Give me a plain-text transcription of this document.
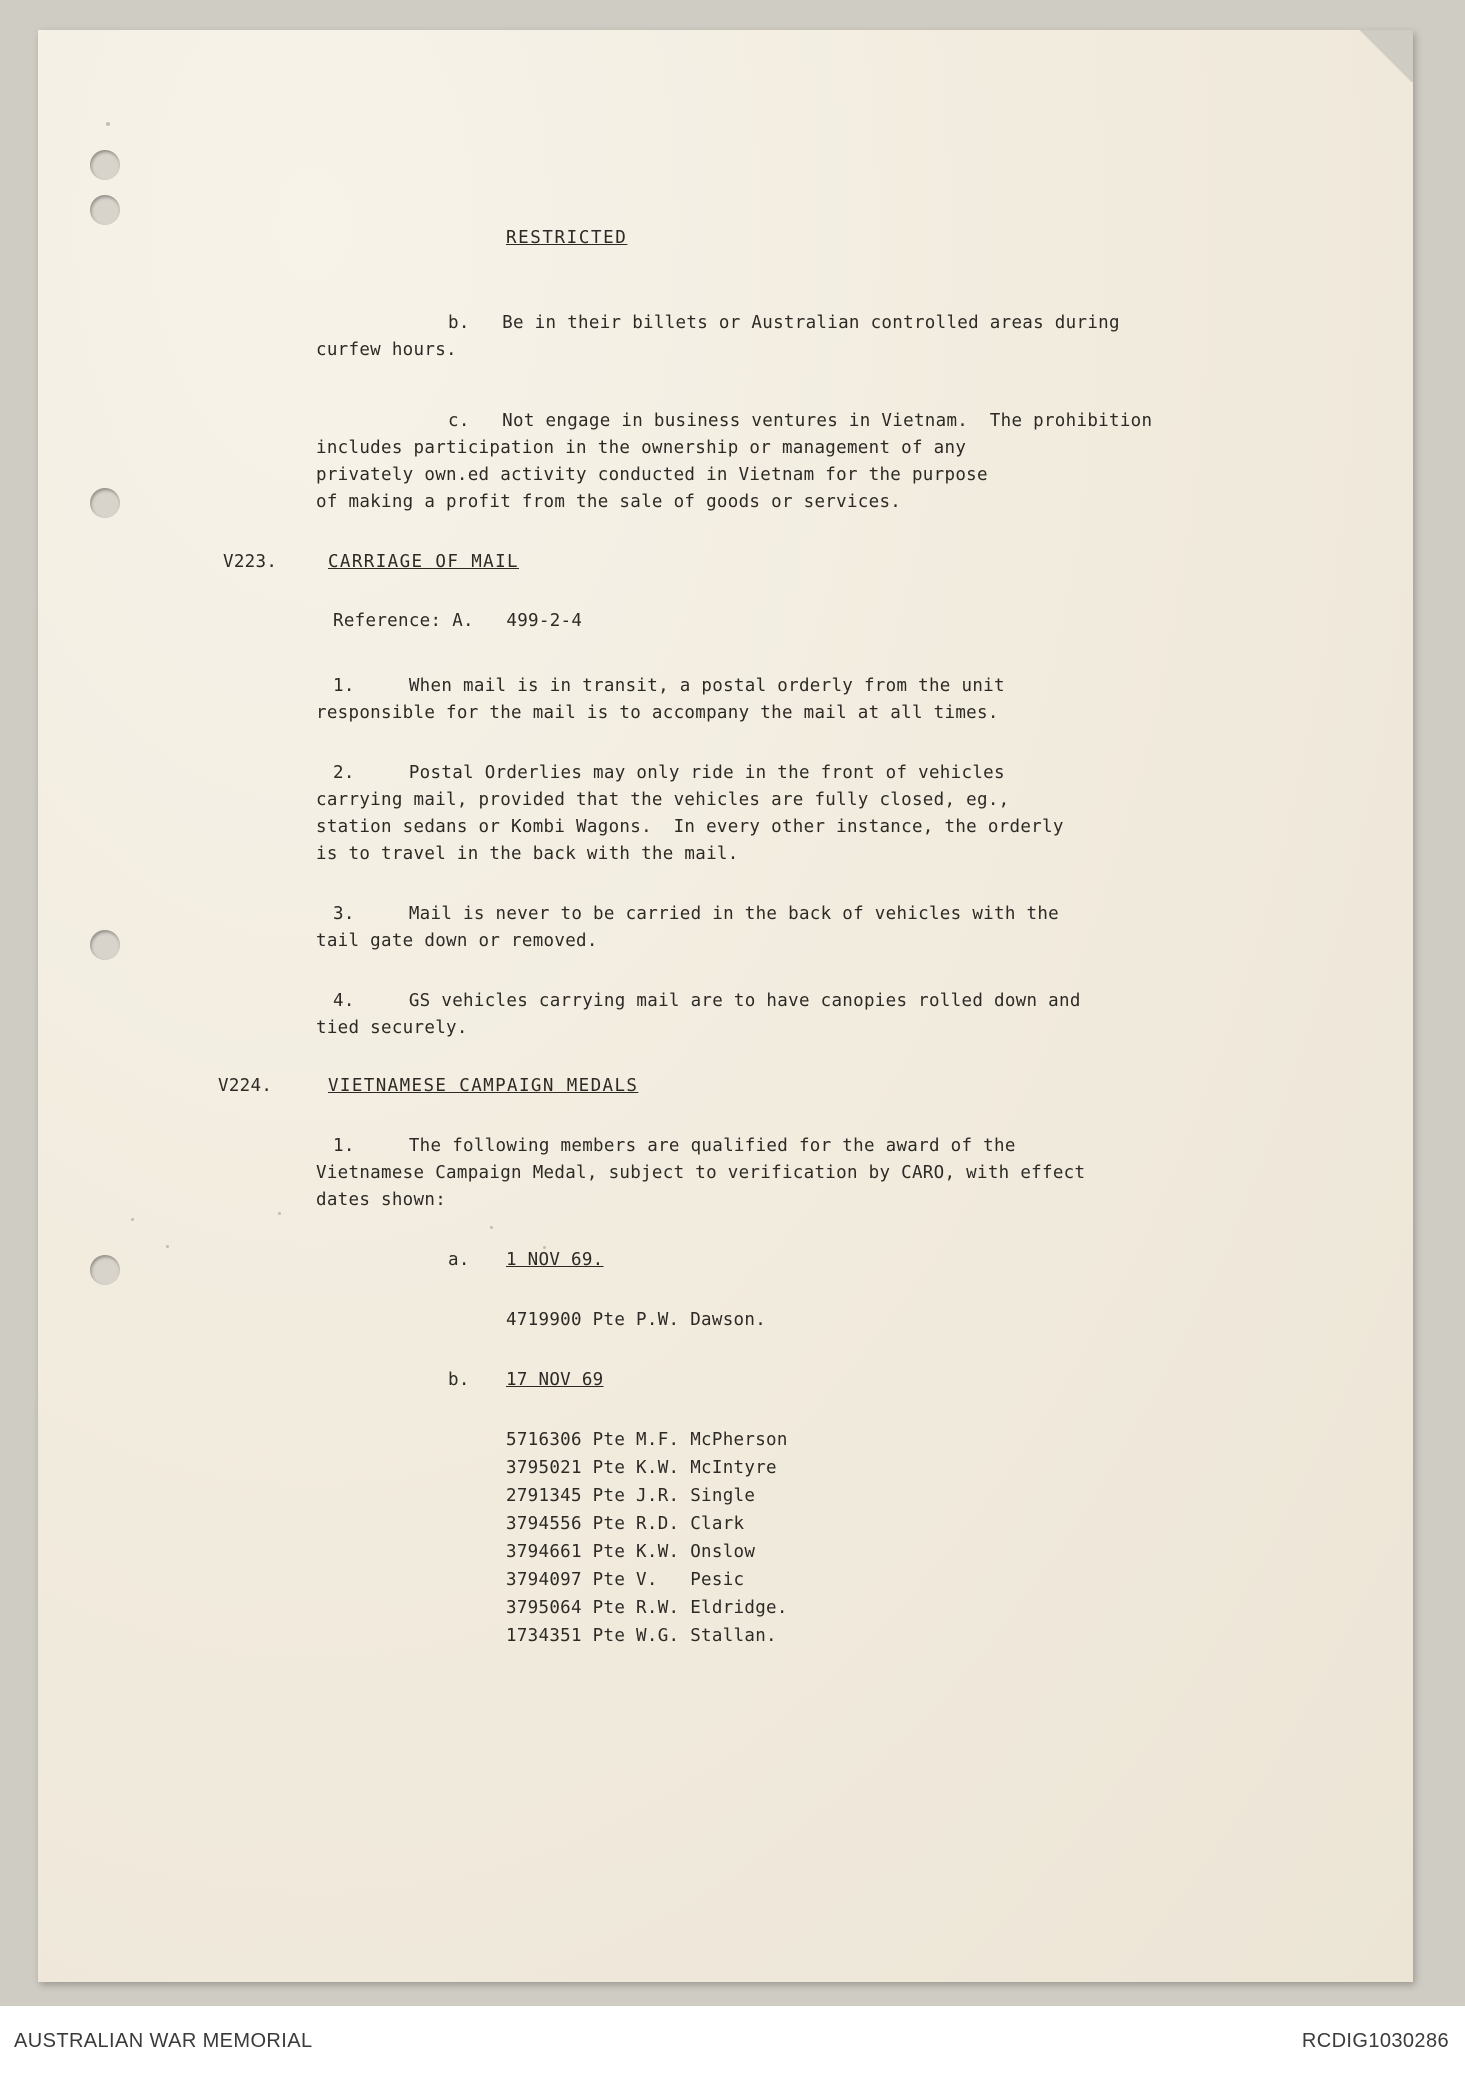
RESTRICTED
b.   Be in their billets or Australian controlled areas during
curfew hours.
c.   Not engage in business ventures in Vietnam.  The prohibition
includes participation in the ownership or management of any
privately own.ed activity conducted in Vietnam for the purpose
of making a profit from the sale of goods or services.
V223.	CARRIAGE OF MAIL
Reference: A.   499-2-4
1.     When mail is in transit, a postal orderly from the unit
responsible for the mail is to accompany the mail at all times.
2.     Postal Orderlies may only ride in the front of vehicles
carrying mail, provided that the vehicles are fully closed, eg.,
station sedans or Kombi Wagons.  In every other instance, the orderly
is to travel in the back with the mail.
3.     Mail is never to be carried in the back of vehicles with the
tail gate down or removed.
4.     GS vehicles carrying mail are to have canopies rolled down and
tied securely.
V224.	VIETNAMESE CAMPAIGN MEDALS
1.     The following members are qualified for the award of the
Vietnamese Campaign Medal, subject to verification by CARO, with effect
dates shown:
a. 1 NOV 69.
4719900 Pte P.W. Dawson.
b. 17 NOV 69
5716306 Pte M.F. McPherson
3795021 Pte K.W. McIntyre
2791345 Pte J.R. Single
3794556 Pte R.D. Clark
3794661 Pte K.W. Onslow
3794097 Pte V.   Pesic
3795064 Pte R.W. Eldridge.
1734351 Pte W.G. Stallan.
AUSTRALIAN WAR MEMORIAL	RCDIG1030286
